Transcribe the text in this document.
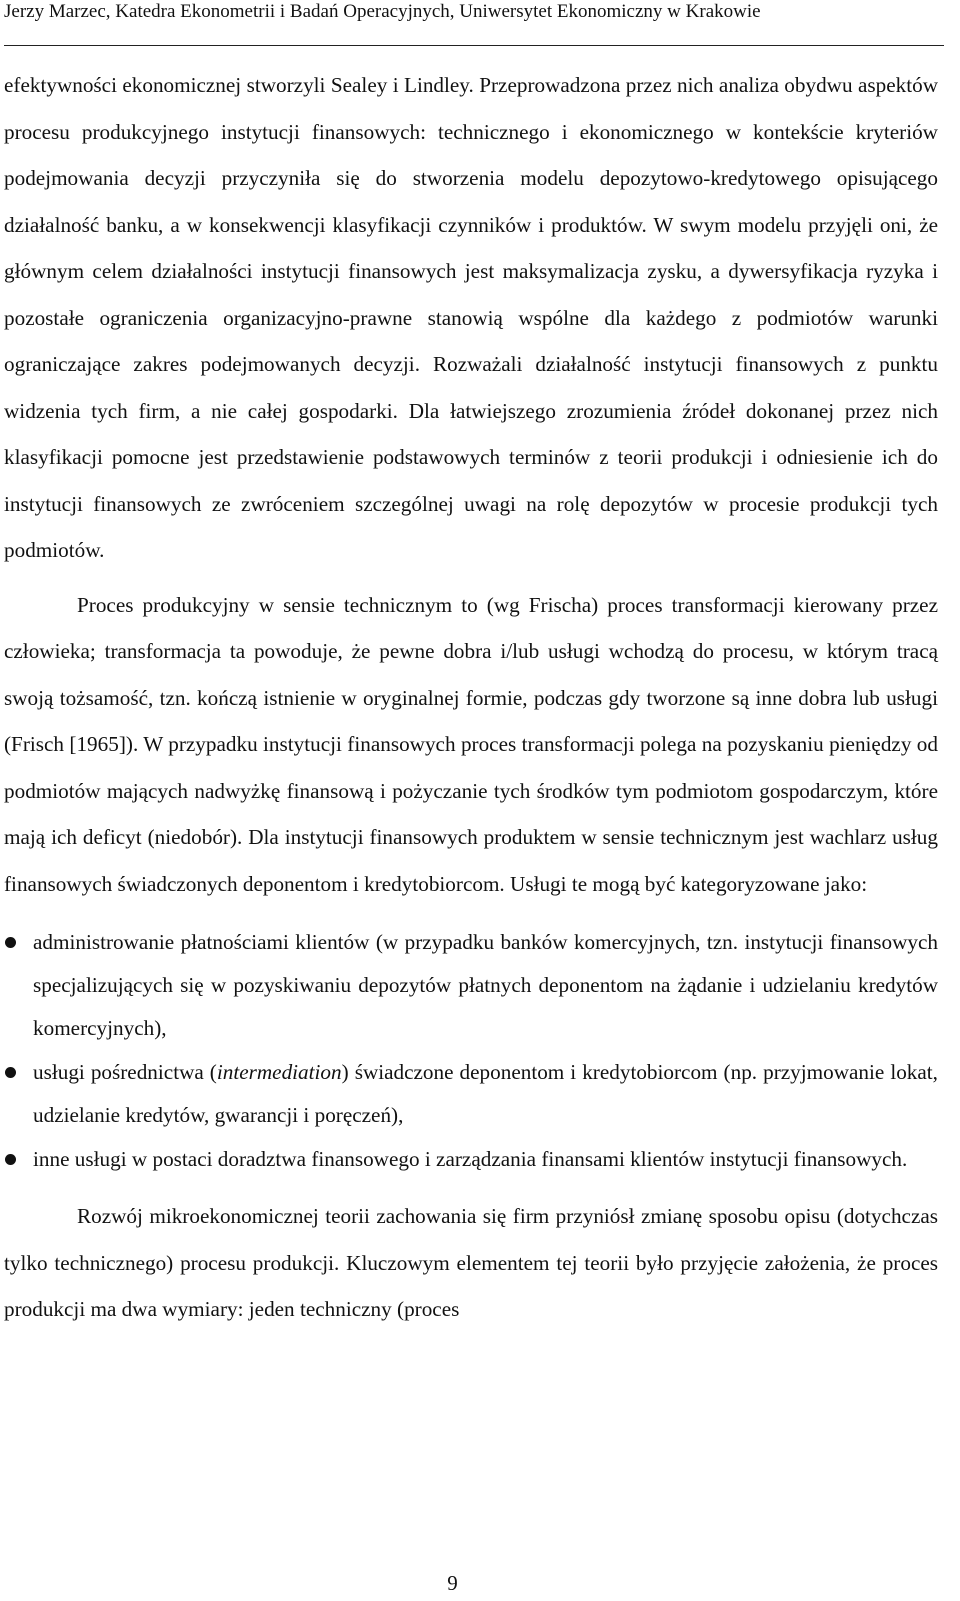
Jerzy Marzec, Katedra Ekonometrii i Badań Operacyjnych, Uniwersytet Ekonomiczny w Krakowie

efektywności ekonomicznej stworzyli Sealey i Lindley. Przeprowadzona przez nich analiza obydwu aspektów procesu produkcyjnego instytucji finansowych: technicznego i ekonomicznego w kontekście kryteriów podejmowania decyzji przyczyniła się do stworzenia modelu depozytowo-kredytowego opisującego działalność banku, a w konsekwencji klasyfikacji czynników i produktów. W swym modelu przyjęli oni, że głównym celem działalności instytucji finansowych jest maksymalizacja zysku, a dywersyfikacja ryzyka i pozostałe ograniczenia organizacyjno-prawne stanowią wspólne dla każdego z podmiotów warunki ograniczające zakres podejmowanych decyzji. Rozważali działalność instytucji finansowych z punktu widzenia tych firm, a nie całej gospodarki. Dla łatwiejszego zrozumienia źródeł dokonanej przez nich klasyfikacji pomocne jest przedstawienie podstawowych terminów z teorii produkcji i odniesienie ich do instytucji finansowych ze zwróceniem szczególnej uwagi na rolę depozytów w procesie produkcji tych podmiotów.

Proces produkcyjny w sensie technicznym to (wg Frischa) proces transformacji kierowany przez człowieka; transformacja ta powoduje, że pewne dobra i/lub usługi wchodzą do procesu, w którym tracą swoją tożsamość, tzn. kończą istnienie w oryginalnej formie, podczas gdy tworzone są inne dobra lub usługi (Frisch [1965]). W przypadku instytucji finansowych proces transformacji polega na pozyskaniu pieniędzy od podmiotów mających nadwyżkę finansową i pożyczanie tych środków tym podmiotom gospodarczym, które mają ich deficyt (niedobór). Dla instytucji finansowych produktem w sensie technicznym jest wachlarz usług finansowych świadczonych deponentom i kredytobiorcom. Usługi te mogą być kategoryzowane jako:

administrowanie płatnościami klientów (w przypadku banków komercyjnych, tzn. instytucji finansowych specjalizujących się w pozyskiwaniu depozytów płatnych deponentom na żądanie i udzielaniu kredytów komercyjnych),
usługi pośrednictwa (intermediation) świadczone deponentom i kredytobiorcom (np. przyjmowanie lokat, udzielanie kredytów, gwarancji i poręczeń),
inne usługi w postaci doradztwa finansowego i zarządzania finansami klientów instytucji finansowych.

Rozwój mikroekonomicznej teorii zachowania się firm przyniósł zmianę sposobu opisu (dotychczas tylko technicznego) procesu produkcji. Kluczowym elementem tej teorii było przyjęcie założenia, że proces produkcji ma dwa wymiary: jeden techniczny (proces

9
